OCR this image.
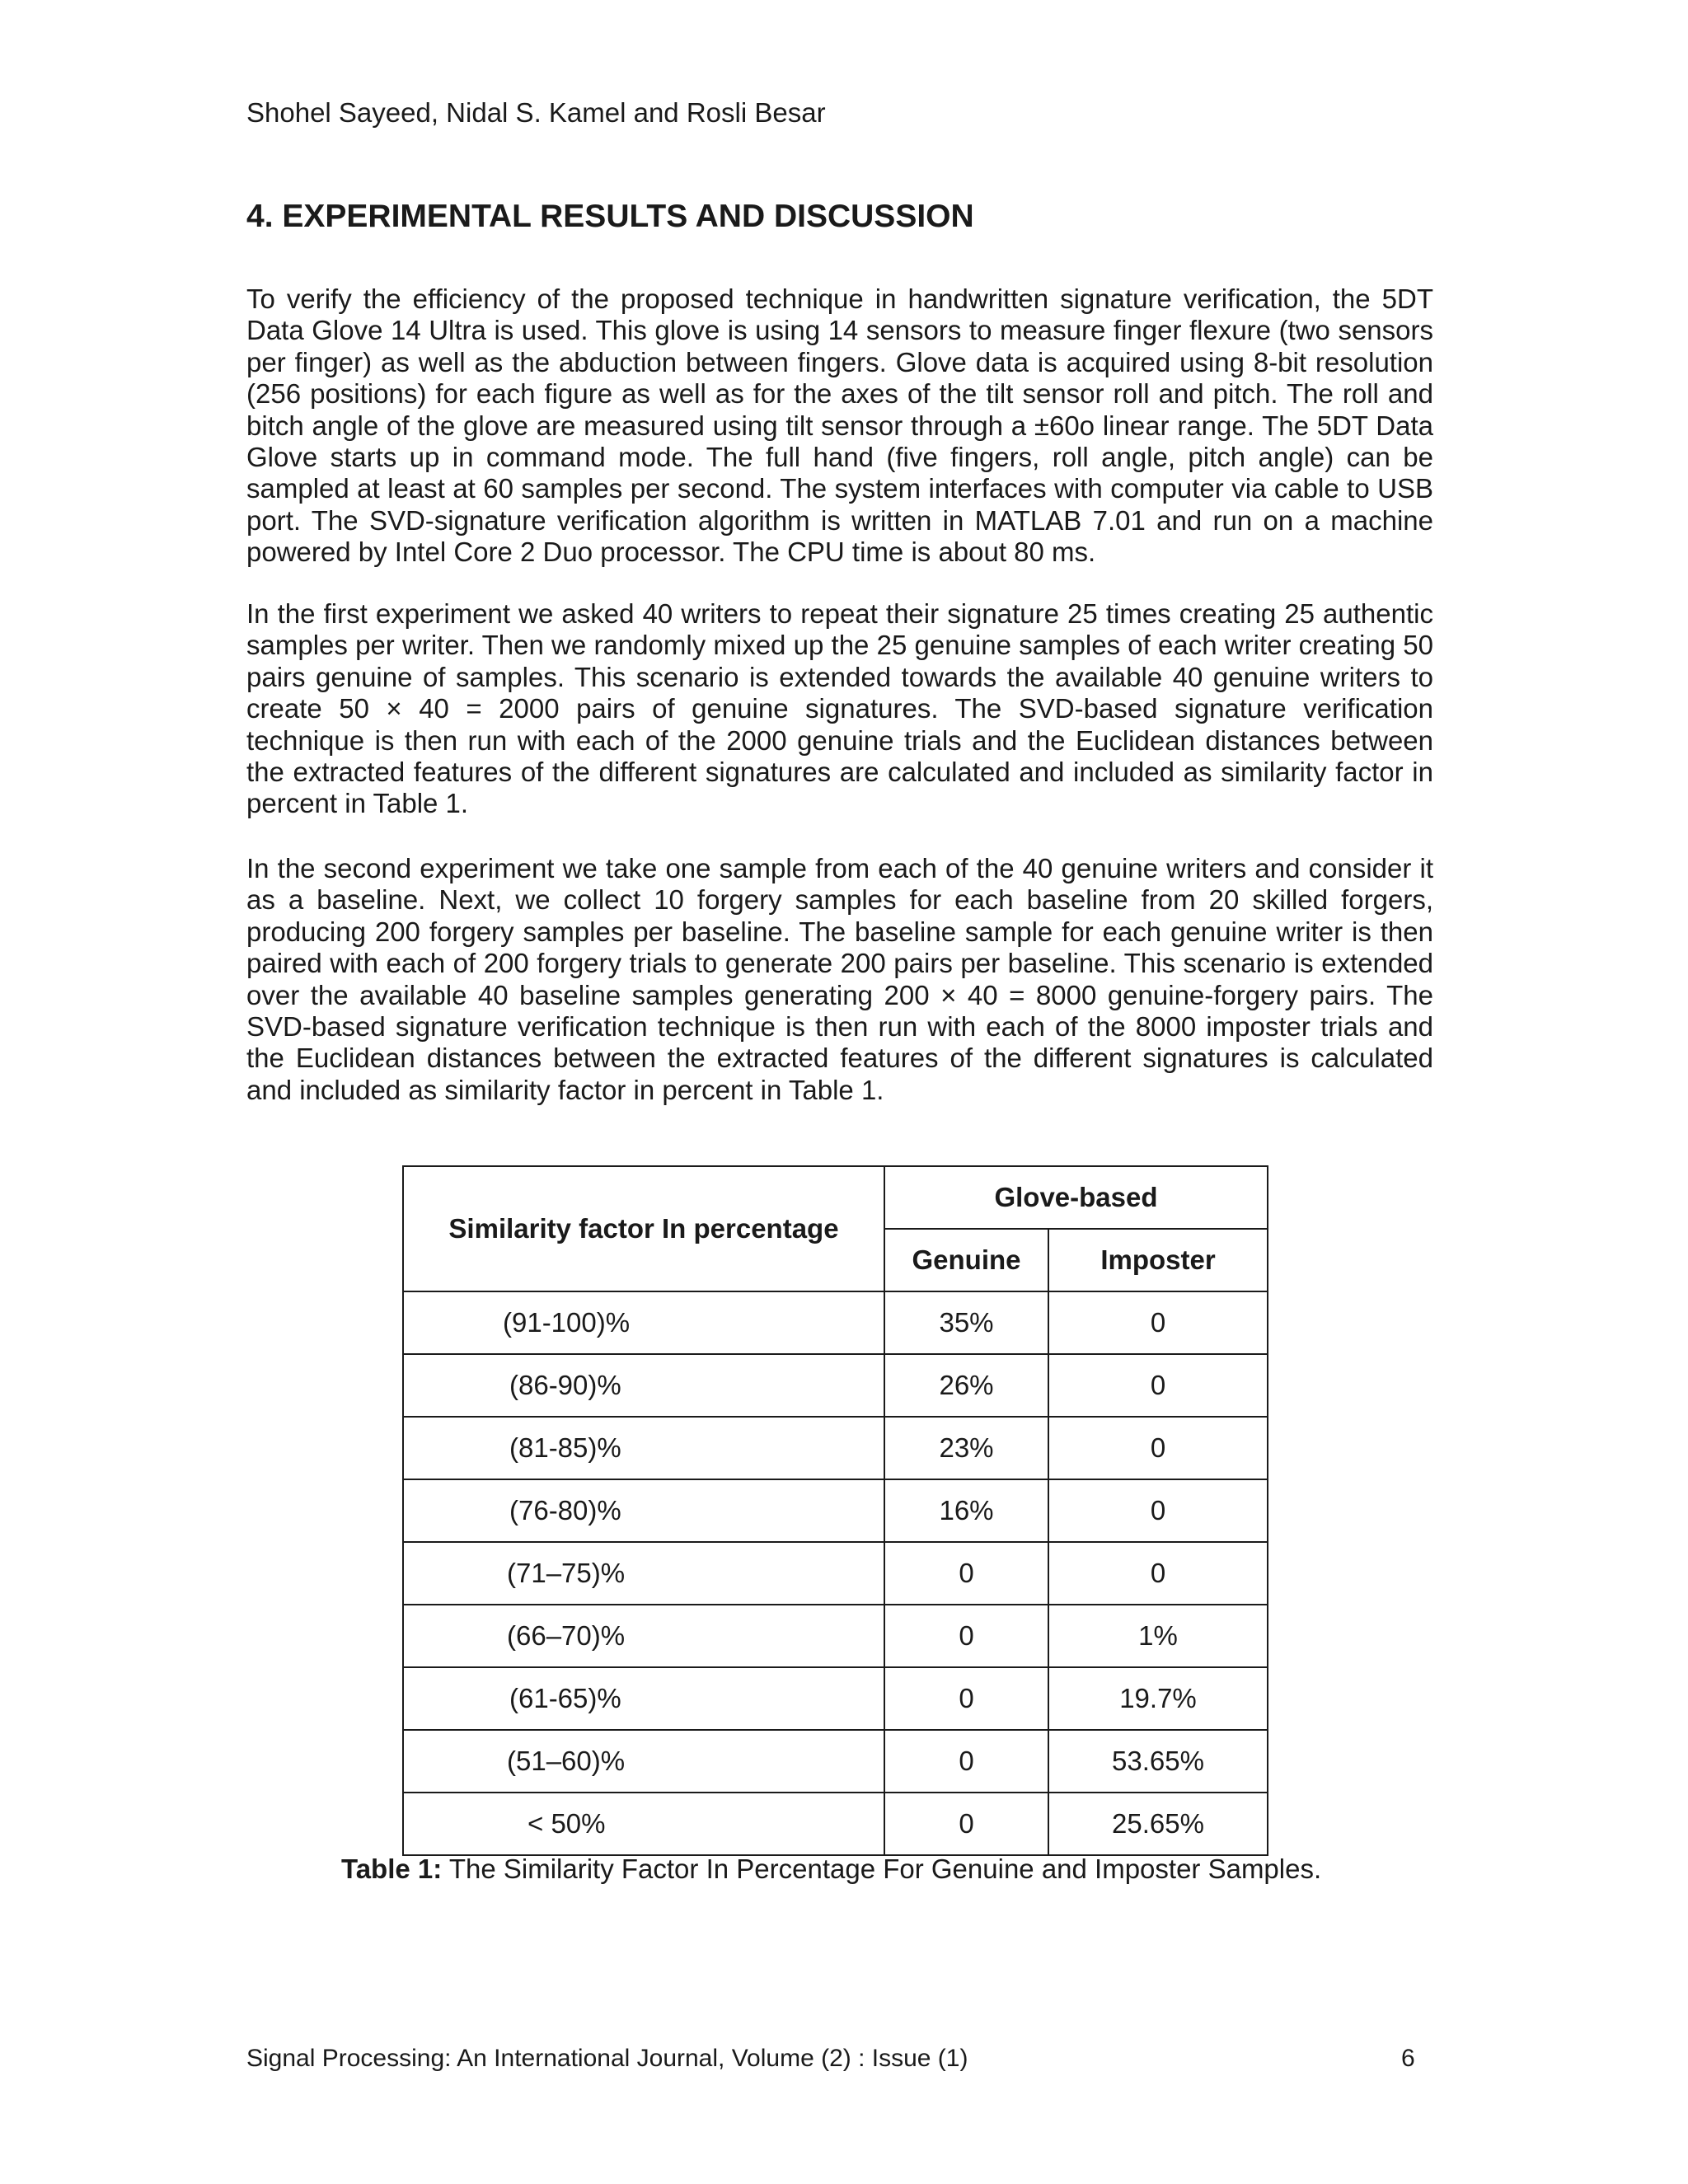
Shohel Sayeed, Nidal S. Kamel and Rosli Besar
4. EXPERIMENTAL RESULTS AND DISCUSSION

To verify the efficiency of the proposed technique in handwritten signature verification, the 5DT Data Glove 14 Ultra is used. This glove is using 14 sensors to measure finger flexure (two sensors per finger) as well as the abduction between fingers. Glove data is acquired using 8-bit resolution (256 positions) for each figure as well as for the axes of the tilt sensor roll and pitch. The roll and bitch angle of the glove are measured using tilt sensor through a ±60o linear range. The 5DT Data Glove starts up in command mode. The full hand (five fingers, roll angle, pitch angle) can be sampled at least at 60 samples per second. The system interfaces with computer via cable to USB port. The SVD-signature verification algorithm is written in MATLAB 7.01 and run on a machine powered by Intel Core 2 Duo processor. The CPU time is about 80 ms.

In the first experiment we asked 40 writers to repeat their signature 25 times creating 25 authentic samples per writer. Then we randomly mixed up the 25 genuine samples of each writer creating 50 pairs genuine of samples. This scenario is extended towards the available 40 genuine writers to create 50 × 40 = 2000 pairs of genuine signatures. The SVD-based signature verification technique is then run with each of the 2000 genuine trials and the Euclidean distances between the extracted features of the different signatures are calculated and included as similarity factor in percent in Table 1.

In the second experiment we take one sample from each of the 40 genuine writers and consider it as a baseline. Next, we collect 10 forgery samples for each baseline from 20 skilled forgers, producing 200 forgery samples per baseline. The baseline sample for each genuine writer is then paired with each of 200 forgery trials to generate 200 pairs per baseline. This scenario is extended over the available 40 baseline samples generating 200 × 40 = 8000 genuine-forgery pairs. The SVD-based signature verification technique is then run with each of the 8000 imposter trials and the Euclidean distances between the extracted features of the different signatures is calculated and included as similarity factor in percent in Table 1.

Similarity factor In percentage	Glove-based	
	Genuine	Imposter
(91-100)%	35%	0
(86-90)%	26%	0
(81-85)%	23%	0
(76-80)%	16%	0
(71–75)%	0	0
(66–70)%	0	1%
(61-65)%	0	19.7%
(51–60)%	0	53.65%
< 50%	0	25.65%
Table 1: The Similarity Factor In Percentage For Genuine and Imposter Samples.
Signal Processing: An International Journal, Volume (2) : Issue (1)	6
